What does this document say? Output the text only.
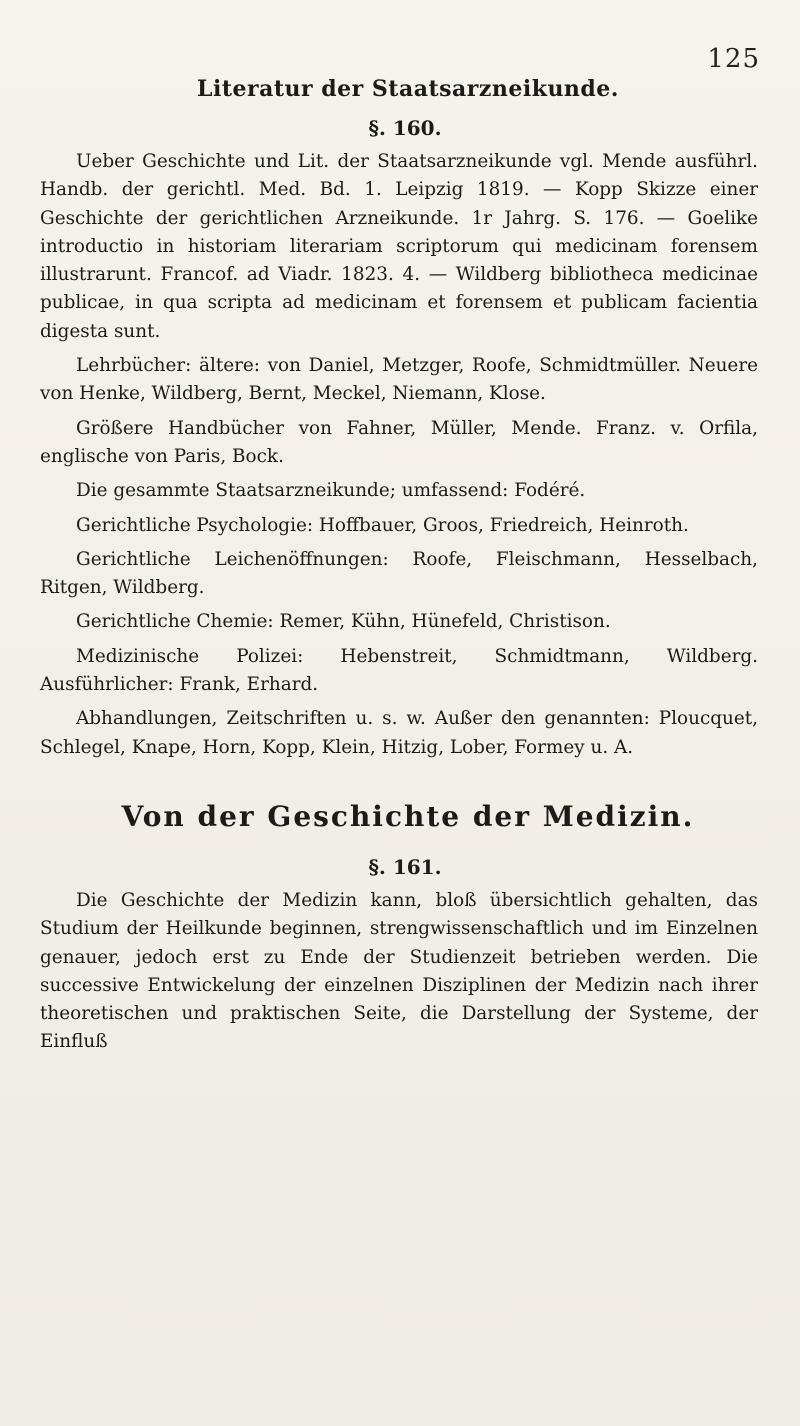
125
Literatur der Staatsarzneikunde.
§. 160.

Ueber Geschichte und Lit. der Staatsarzneikunde vgl. Mende ausführl. Handb. der gerichtl. Med. Bd. 1. Leipzig 1819. — Kopp Skizze einer Geschichte der gerichtlichen Arzneikunde. 1r Jahrg. S. 176. — Goelike introductio in historiam literariam scriptorum qui medicinam forensem illustrarunt. Francof. ad Viadr. 1823. 4. — Wildberg bibliotheca medicinae publicae, in qua scripta ad medicinam et forensem et publicam facientia digesta sunt.

Lehrbücher: ältere: von Daniel, Metzger, Roofe, Schmidtmüller. Neuere von Henke, Wildberg, Bernt, Meckel, Niemann, Klose.

Größere Handbücher von Fahner, Müller, Mende. Franz. v. Orfila, englische von Paris, Bock.

Die gesammte Staatsarzneikunde; umfassend: Fodéré.

Gerichtliche Psychologie: Hoffbauer, Groos, Friedreich, Heinroth.

Gerichtliche Leichenöffnungen: Roofe, Fleischmann, Hesselbach, Ritgen, Wildberg.

Gerichtliche Chemie: Remer, Kühn, Hünefeld, Christison.

Medizinische Polizei: Hebenstreit, Schmidtmann, Wildberg. Ausführlicher: Frank, Erhard.

Abhandlungen, Zeitschriften u. s. w. Außer den genannten: Ploucquet, Schlegel, Knape, Horn, Kopp, Klein, Hitzig, Lober, Formey u. A.

Von der Geschichte der Medizin.
§. 161.

Die Geschichte der Medizin kann, bloß übersichtlich gehalten, das Studium der Heilkunde beginnen, strengwissenschaftlich und im Einzelnen genauer, jedoch erst zu Ende der Studienzeit betrieben werden. Die successive Entwickelung der einzelnen Disziplinen der Medizin nach ihrer theoretischen und praktischen Seite, die Darstellung der Systeme, der Einfluß
